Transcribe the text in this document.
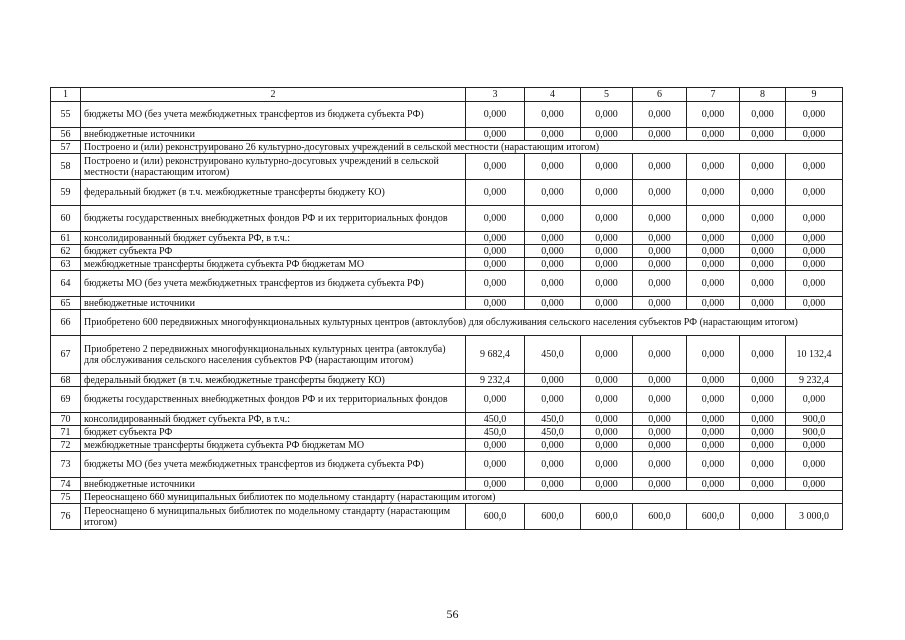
1	2	3	4	5	6	7	8	9
55	бюджеты МО (без учета межбюджетных трансфертов из бюджета субъекта РФ)	0,000	0,000	0,000	0,000	0,000	0,000	0,000
56	внебюджетные источники	0,000	0,000	0,000	0,000	0,000	0,000	0,000
57	Построено и (или) реконструировано 26 культурно-досуговых учреждений в сельской местности (нарастающим итогом)							
58	Построено и (или) реконструировано культурно-досуговых учреждений в сельской местности (нарастающим итогом)	0,000	0,000	0,000	0,000	0,000	0,000	0,000
59	федеральный бюджет (в т.ч. межбюджетные трансферты бюджету КО)	0,000	0,000	0,000	0,000	0,000	0,000	0,000
60	бюджеты государственных внебюджетных фондов РФ и их территориальных фондов	0,000	0,000	0,000	0,000	0,000	0,000	0,000
61	консолидированный бюджет субъекта РФ, в т.ч.:	0,000	0,000	0,000	0,000	0,000	0,000	0,000
62	бюджет субъекта РФ	0,000	0,000	0,000	0,000	0,000	0,000	0,000
63	межбюджетные трансферты бюджета субъекта РФ бюджетам МО	0,000	0,000	0,000	0,000	0,000	0,000	0,000
64	бюджеты МО (без учета межбюджетных трансфертов из бюджета субъекта РФ)	0,000	0,000	0,000	0,000	0,000	0,000	0,000
65	внебюджетные источники	0,000	0,000	0,000	0,000	0,000	0,000	0,000
66	Приобретено 600 передвижных многофункциональных культурных центров (автоклубов) для обслуживания сельского населения субъектов РФ (нарастающим итогом)							
67	Приобретено 2 передвижных многофункциональных культурных центра (автоклуба) для обслуживания сельского населения субъектов РФ (нарастающим итогом)	9 682,4	450,0	0,000	0,000	0,000	0,000	10 132,4
68	федеральный бюджет (в т.ч. межбюджетные трансферты бюджету КО)	9 232,4	0,000	0,000	0,000	0,000	0,000	9 232,4
69	бюджеты государственных внебюджетных фондов РФ и их территориальных фондов	0,000	0,000	0,000	0,000	0,000	0,000	0,000
70	консолидированный бюджет субъекта РФ, в т.ч.:	450,0	450,0	0,000	0,000	0,000	0,000	900,0
71	бюджет субъекта РФ	450,0	450,0	0,000	0,000	0,000	0,000	900,0
72	межбюджетные трансферты бюджета субъекта РФ бюджетам МО	0,000	0,000	0,000	0,000	0,000	0,000	0,000
73	бюджеты МО (без учета межбюджетных трансфертов из бюджета субъекта РФ)	0,000	0,000	0,000	0,000	0,000	0,000	0,000
74	внебюджетные источники	0,000	0,000	0,000	0,000	0,000	0,000	0,000
75	Переоснащено 660 муниципальных библиотек по модельному стандарту (нарастающим итогом)							
76	Переоснащено 6 муниципальных библиотек по модельному стандарту (нарастающим итогом)	600,0	600,0	600,0	600,0	600,0	0,000	3 000,0
56
